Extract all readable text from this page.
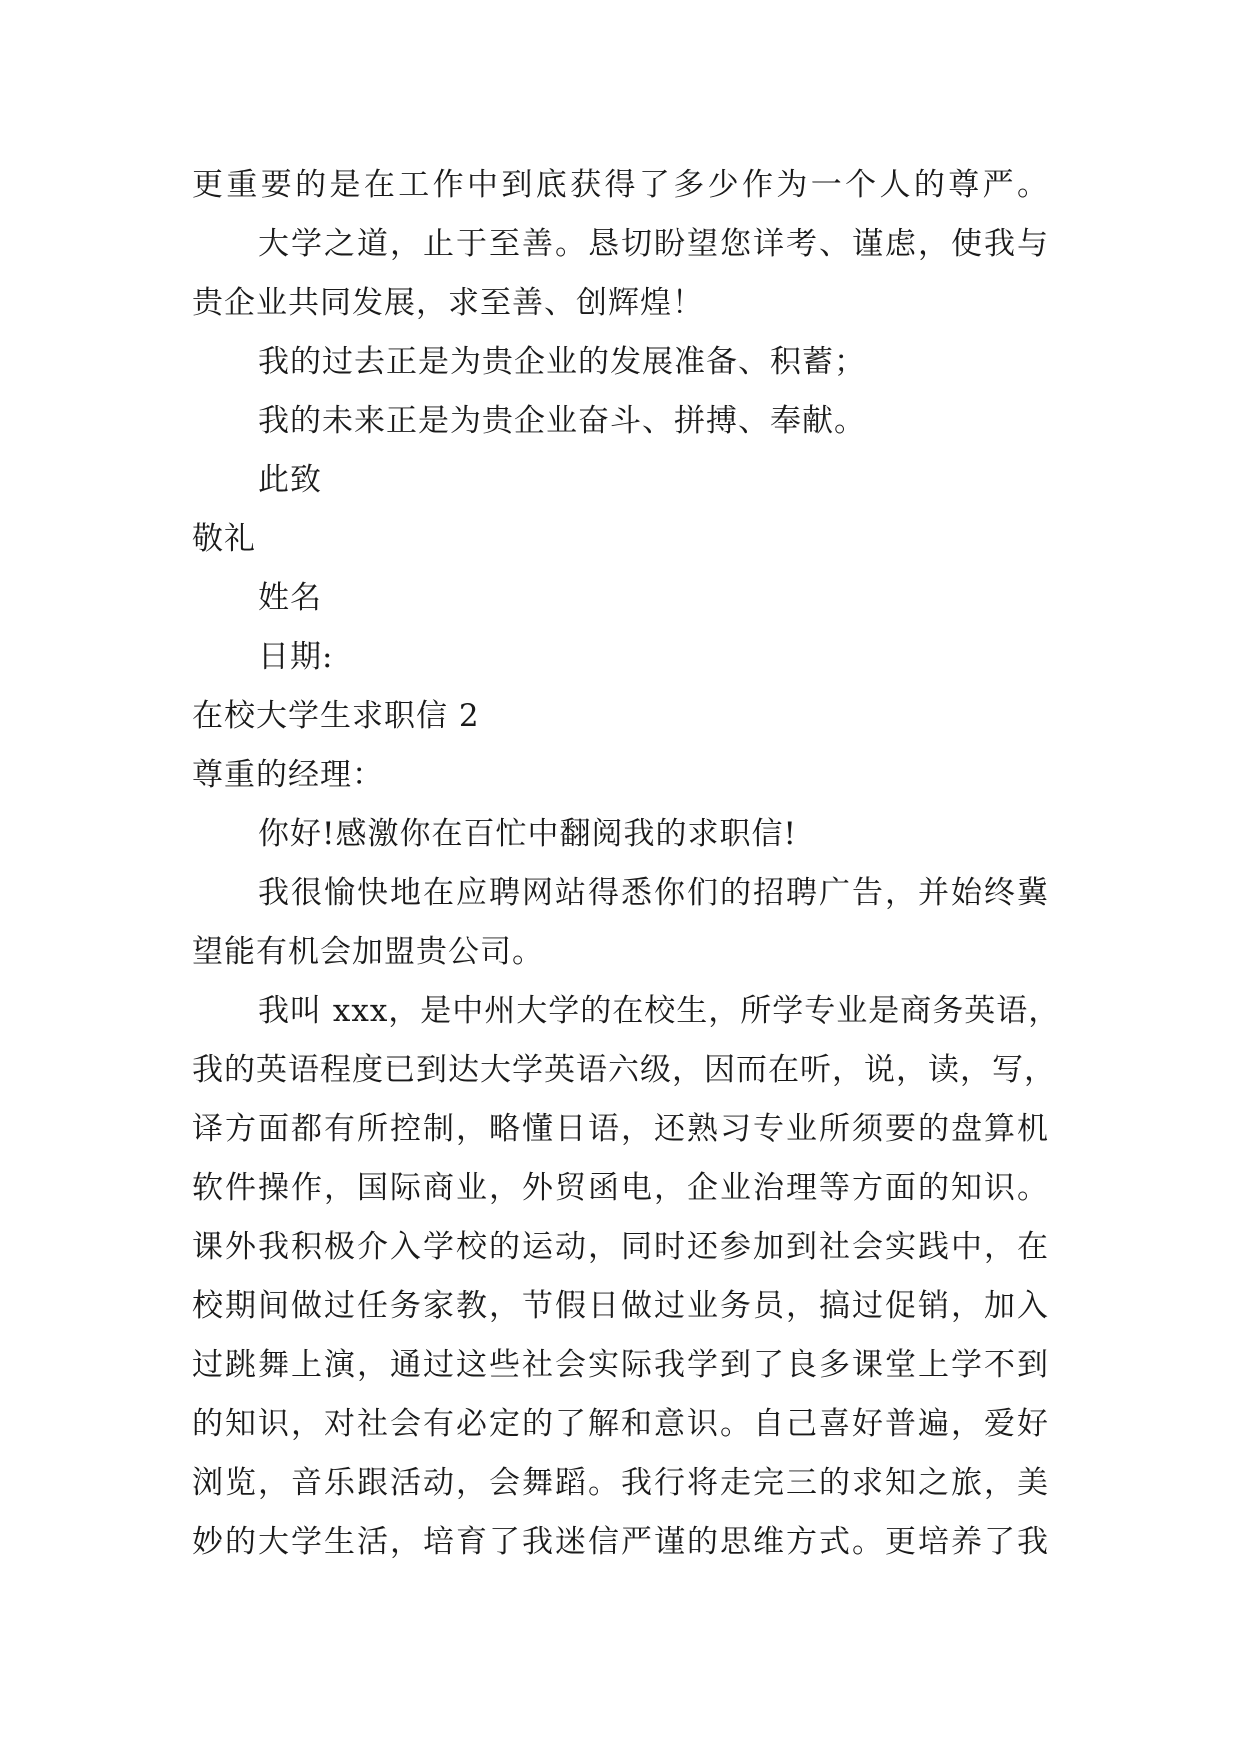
更重要的是在工作中到底获得了多少作为一个人的尊严。
大学之道，止于至善。恳切盼望您详考、谨虑，使我与
贵企业共同发展，求至善、创辉煌！
我的过去正是为贵企业的发展准备、积蓄；
我的未来正是为贵企业奋斗、拼搏、奉献。
此致
敬礼
姓名
日期:
在校大学生求职信 2
尊重的经理：
你好!感激你在百忙中翻阅我的求职信!
我很愉快地在应聘网站得悉你们的招聘广告，并始终冀
望能有机会加盟贵公司。
我叫 xxx，是中州大学的在校生，所学专业是商务英语，
我的英语程度已到达大学英语六级，因而在听，说，读，写，
译方面都有所控制，略懂日语，还熟习专业所须要的盘算机
软件操作，国际商业，外贸函电，企业治理等方面的知识。
课外我积极介入学校的运动，同时还参加到社会实践中，在
校期间做过任务家教，节假日做过业务员，搞过促销，加入
过跳舞上演，通过这些社会实际我学到了良多课堂上学不到
的知识，对社会有必定的了解和意识。自己喜好普遍，爱好
浏览，音乐跟活动，会舞蹈。我行将走完三的求知之旅，美
妙的大学生活，培育了我迷信严谨的思维方式。更培养了我
